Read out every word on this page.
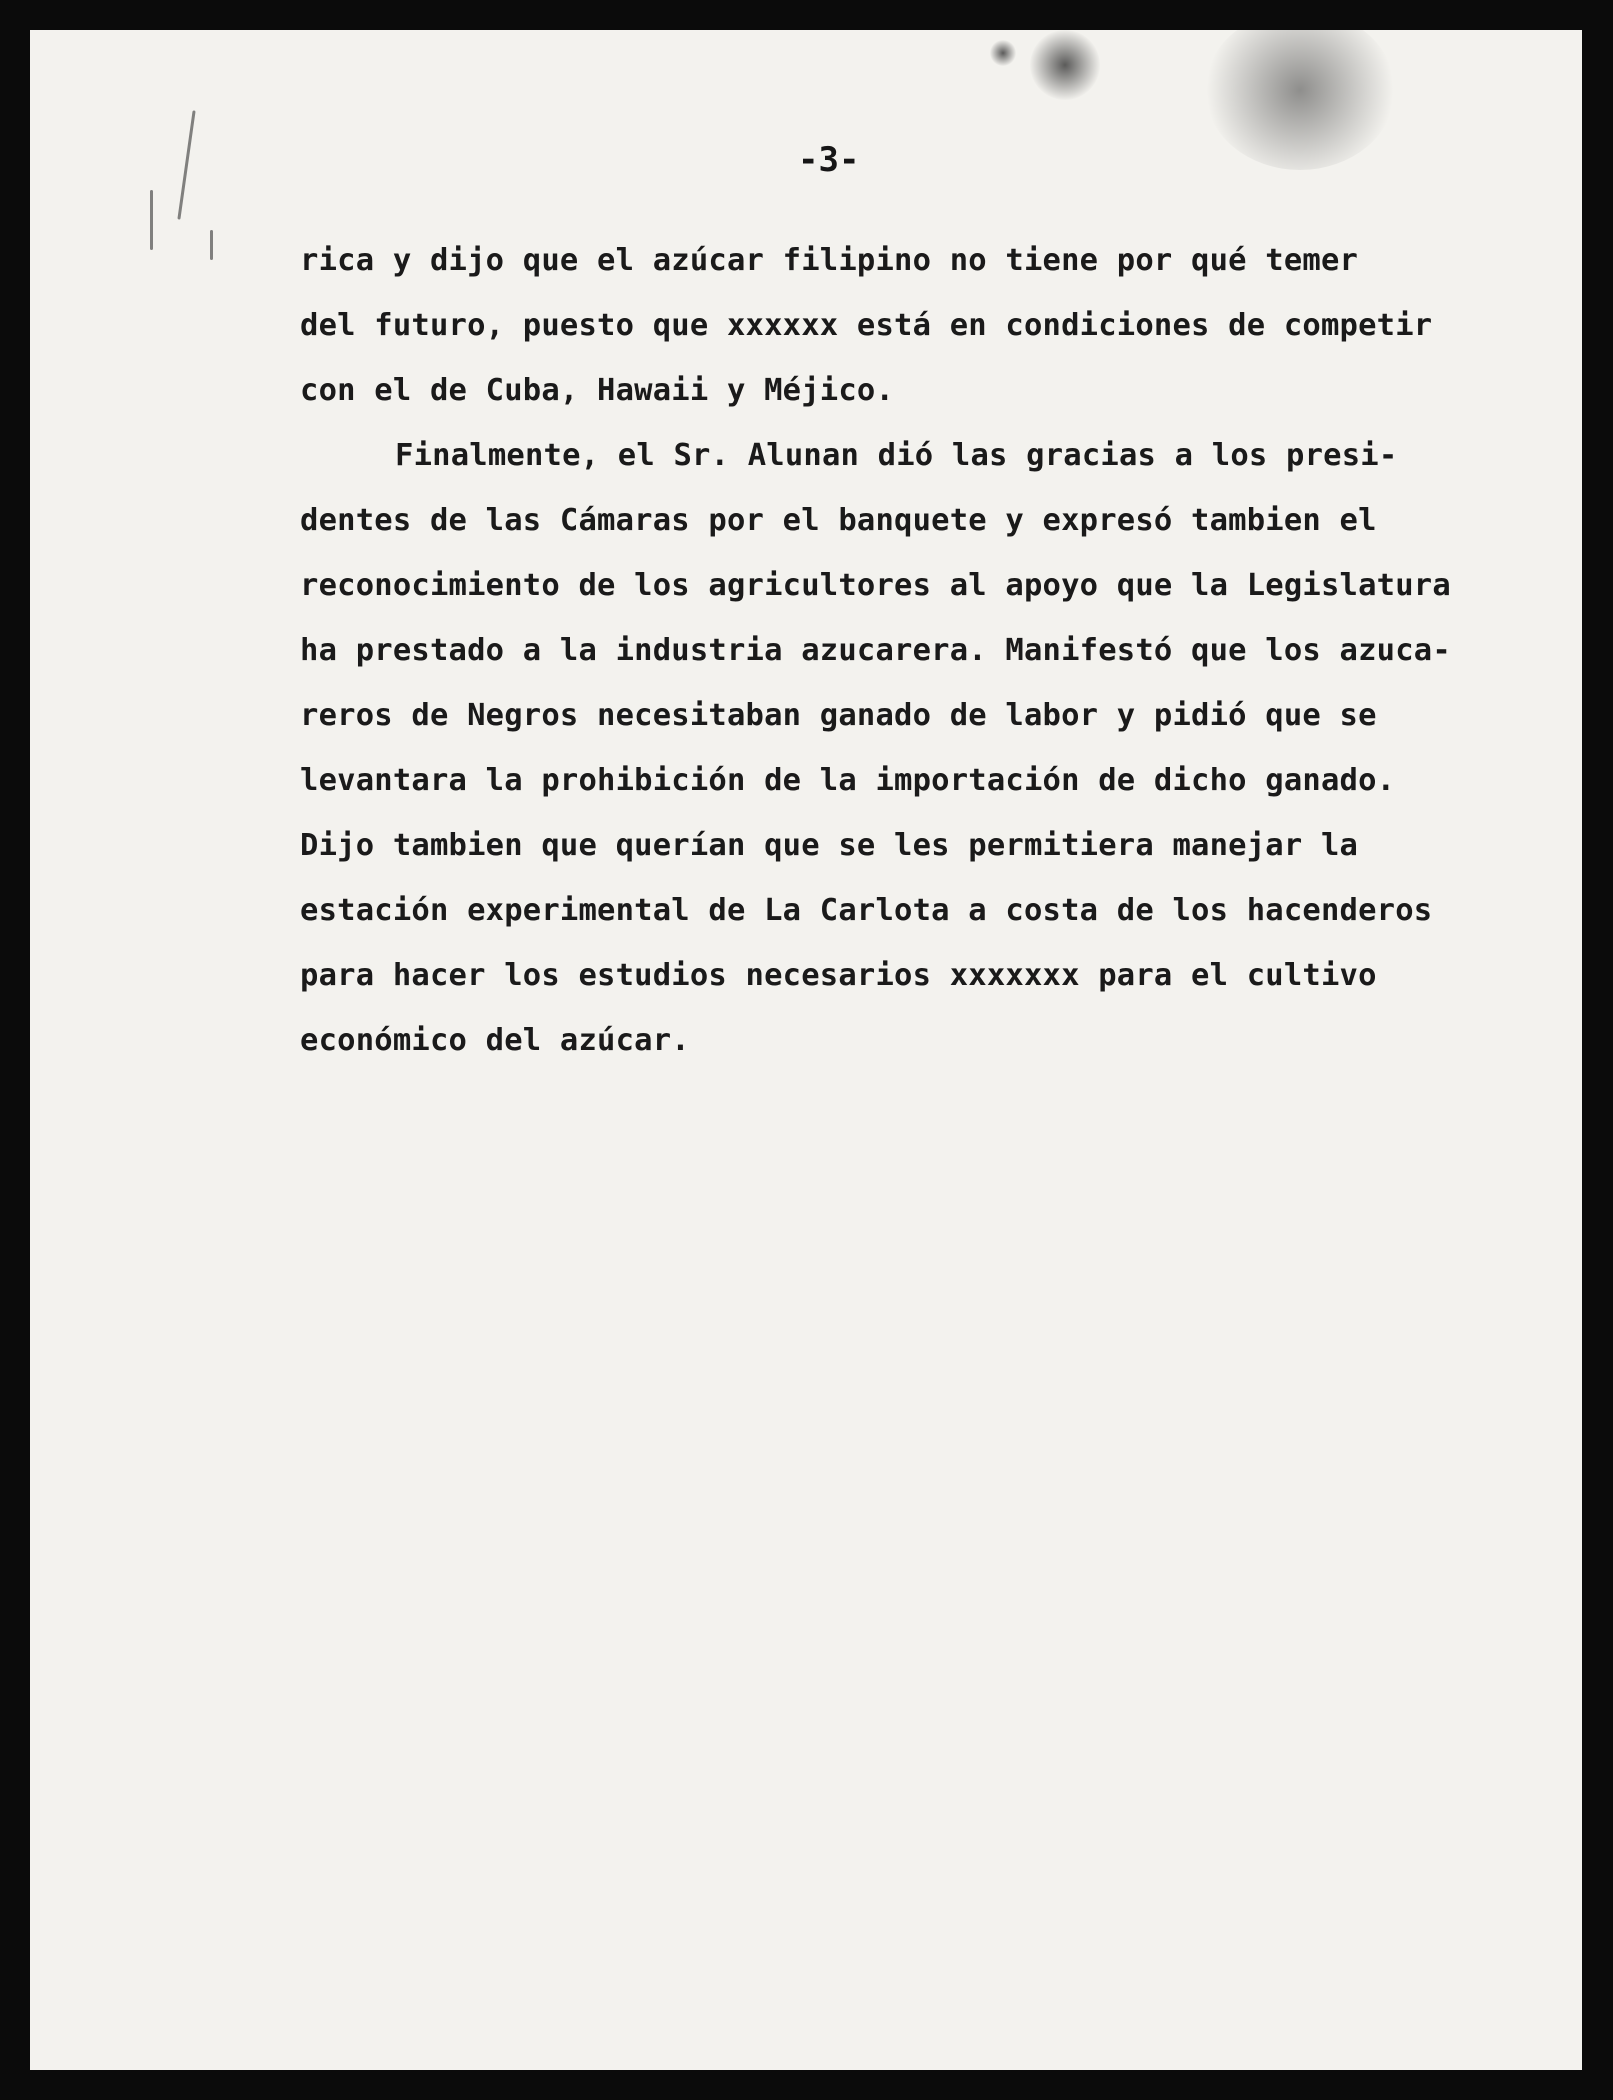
-3-

rica y dijo que el azúcar filipino no tiene por qué temer
del futuro, puesto que xxxxxx está en condiciones de competir
con el de Cuba, Hawaii y Méjico.

Finalmente, el Sr. Alunan dió las gracias a los presi-
dentes de las Cámaras por el banquete y expresó tambien el
reconocimiento de los agricultores al apoyo que la Legislatura
ha prestado a la industria azucarera. Manifestó que los azuca-
reros de Negros necesitaban ganado de labor y pidió que se
levantara la prohibición de la importación de dicho ganado.
Dijo tambien que querían que se les permitiera manejar la
estación experimental de La Carlota a costa de los hacenderos
para hacer los estudios necesarios xxxxxxx para el cultivo
económico del azúcar.
